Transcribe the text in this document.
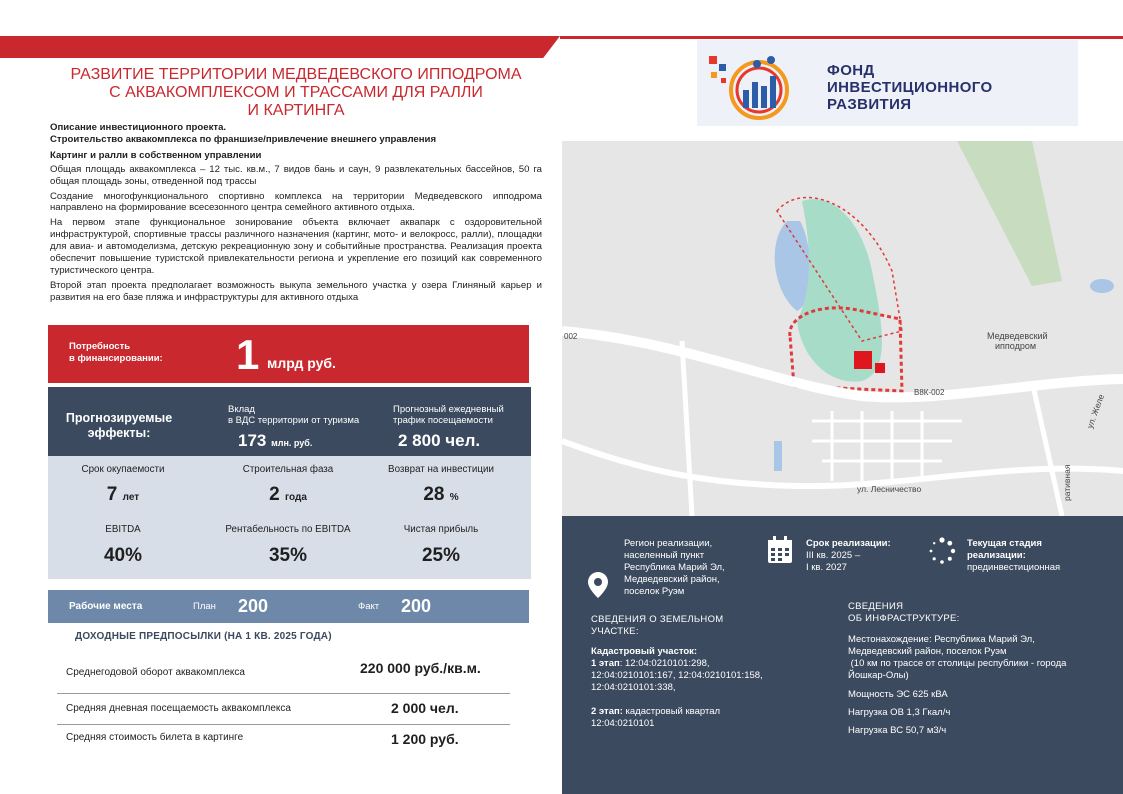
РАЗВИТИЕ ТЕРРИТОРИИ МЕДВЕДЕВСКОГО ИППОДРОМА
С АКВАКОМПЛЕКСОМ И ТРАССАМИ ДЛЯ РАЛЛИ
И КАРТИНГА
Описание инвестиционного проекта.
Строительство аквакомплекса по франшизе/привлечение внешнего управления
Картинг и ралли в собственном управлении

Общая площадь аквакомплекса – 12 тыс. кв.м., 7 видов бань и саун, 9 развлекательных бассейнов, 50 га общая площадь зоны, отведенной под трассы

Создание многофункционального спортивно комплекса на территории Медведевского ипподрома направлено на формирование всесезонного центра семейного активного отдыха.

На первом этапе функциональное зонирование объекта включает аквапарк с оздоровительной инфраструктурой, спортивные трассы различного назначения (картинг, мото- и велокросс, ралли), площадки для авиа- и автомоделизма, детскую рекреационную зону и событийные пространства. Реализация проекта обеспечит повышение туристской привлекательности региона и укрепление его позиций как современного туристического центра.

Второй этап проекта предполагает возможность выкупа земельного участка у озера Глиняный карьер и развития на его базе пляжа и инфраструктуры для активного отдыха

ФОНД
ИНВЕСТИЦИОННОГО
РАЗВИТИЯ
Медведевский
ипподром
В8К-002
002
ул. Лесничество
ул. Желе
ративная
Потребность
в финансировании: 1 млрд руб.
Прогнозируемые
эффекты:
Вклад
в ВДС территории от туризма
173 млн. руб.
Прогнозный ежедневный
трафик посещаемости
2 800 чел.
Срок окупаемости
7 лет
Строительная фаза
2 года
Возврат на инвестиции
28 %
EBITDA
40%
Рентабельность по EBITDA
35%
Чистая прибыль
25%
Рабочие места	План 200	Факт 200
ДОХОДНЫЕ ПРЕДПОСЫЛКИ (НА 1 КВ. 2025 ГОДА)
Среднегодовой оборот аквакомплекса	220 000 руб./кв.м.
Средняя дневная посещаемость аквакомплекса	2 000 чел.
Средняя стоимость билета в картинге	1 200 руб.
Регион реализации,
населенный пункт
Республика Марий Эл,
Медведевский район,
поселок Руэм
Срок реализации:
III кв. 2025 –
I кв. 2027
Текущая стадия
реализации:
прединвестиционная
СВЕДЕНИЯ О ЗЕМЕЛЬНОМ
УЧАСТКЕ:
Кадастровый участок:
1 этап: 12:04:0210101:298,
12:04:0210101:167, 12:04:0210101:158,
12:04:0210101:338,
2 этап: кадастровый квартал
12:04:0210101
СВЕДЕНИЯ
ОБ ИНФРАСТРУКТУРЕ:
Местонахождение: Республика Марий Эл,
Медведевский район, поселок Руэм
(10 км по трассе от столицы республики - города
Йошкар-Олы)
Мощность ЭС 625 кВА
Нагрузка ОВ 1,3 Гкал/ч
Нагрузка ВС 50,7 м3/ч
